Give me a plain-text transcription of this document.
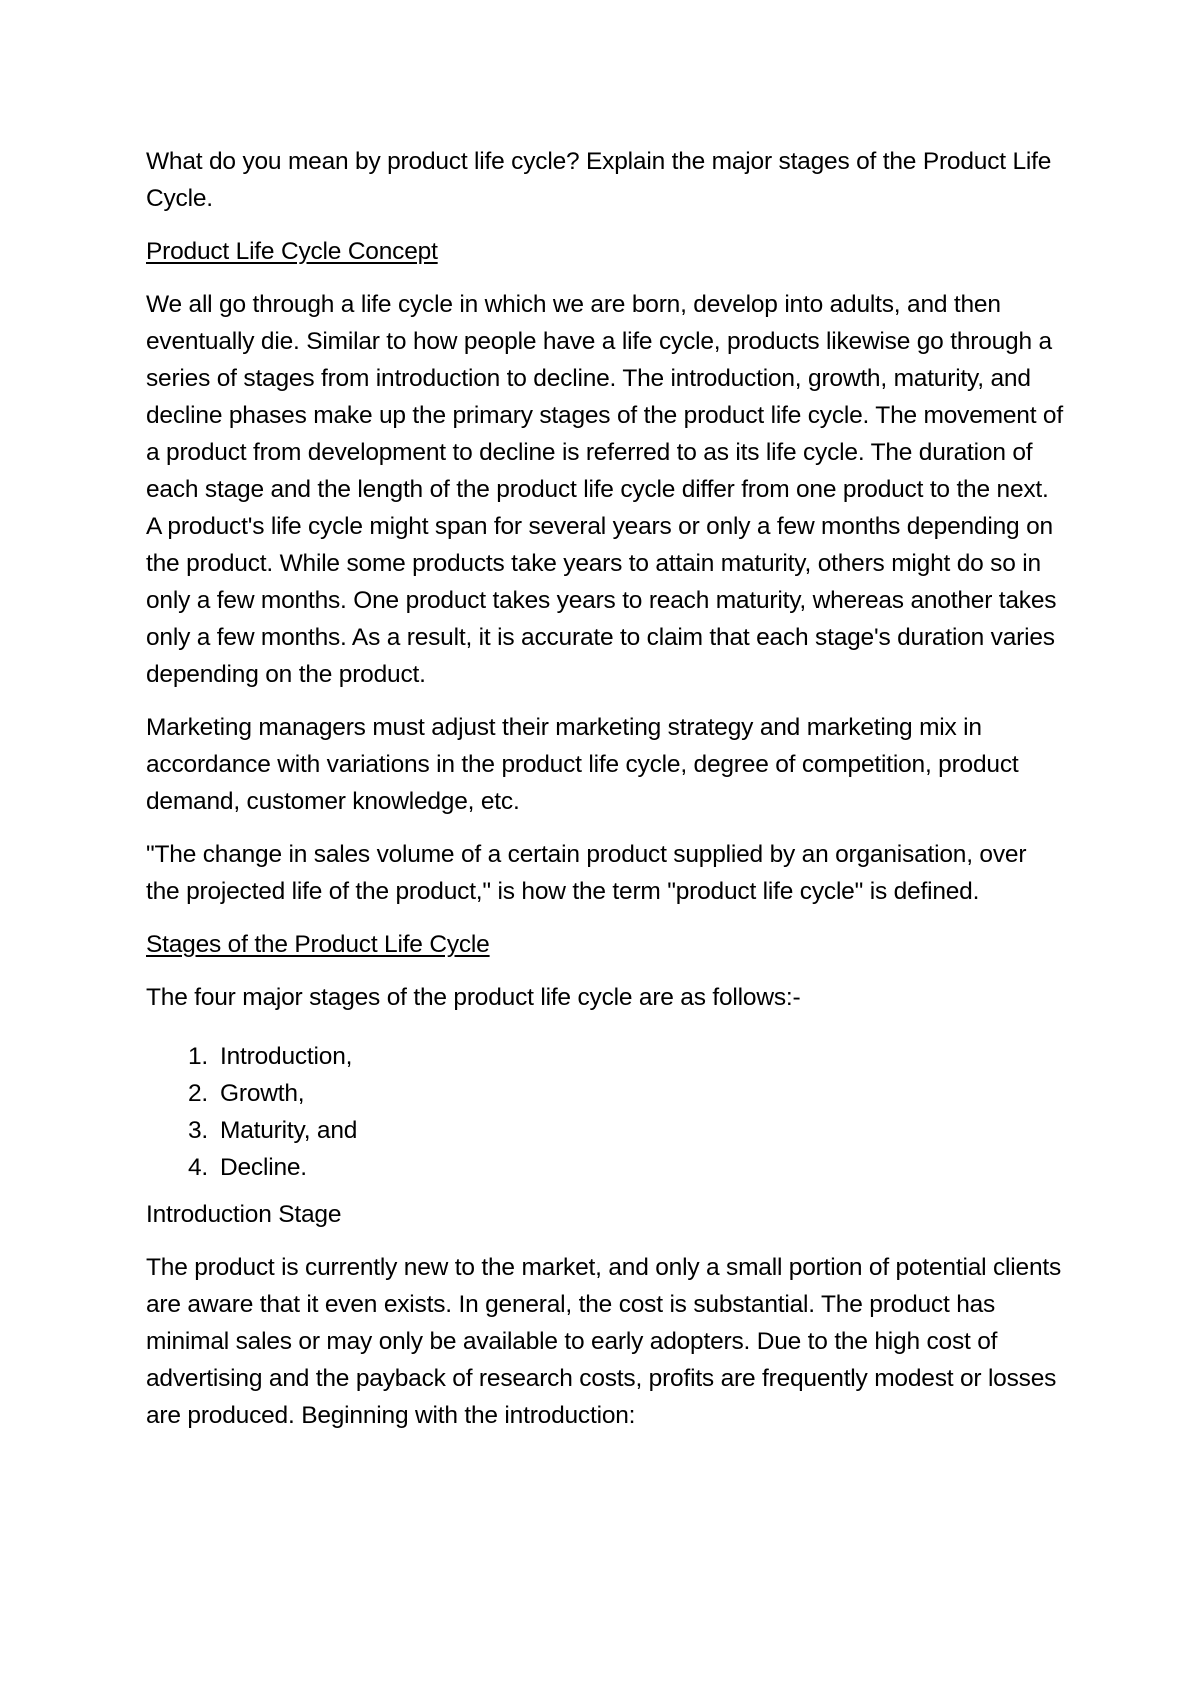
What do you mean by product life cycle? Explain the major stages of the Product Life Cycle.

Product Life Cycle Concept

We all go through a life cycle in which we are born, develop into adults, and then eventually die. Similar to how people have a life cycle, products likewise go through a series of stages from introduction to decline. The introduction, growth, maturity, and decline phases make up the primary stages of the product life cycle. The movement of a product from development to decline is referred to as its life cycle. The duration of each stage and the length of the product life cycle differ from one product to the next. A product's life cycle might span for several years or only a few months depending on the product. While some products take years to attain maturity, others might do so in only a few months. One product takes years to reach maturity, whereas another takes only a few months. As a result, it is accurate to claim that each stage's duration varies depending on the product.

Marketing managers must adjust their marketing strategy and marketing mix in accordance with variations in the product life cycle, degree of competition, product demand, customer knowledge, etc.

"The change in sales volume of a certain product supplied by an organisation, over the projected life of the product," is how the term "product life cycle" is defined.

Stages of the Product Life Cycle

The four major stages of the product life cycle are as follows:-

1. Introduction,
2. Growth,
3. Maturity, and
4. Decline.

Introduction Stage

The product is currently new to the market, and only a small portion of potential clients are aware that it even exists. In general, the cost is substantial. The product has minimal sales or may only be available to early adopters. Due to the high cost of advertising and the payback of research costs, profits are frequently modest or losses are produced. Beginning with the introduction:
